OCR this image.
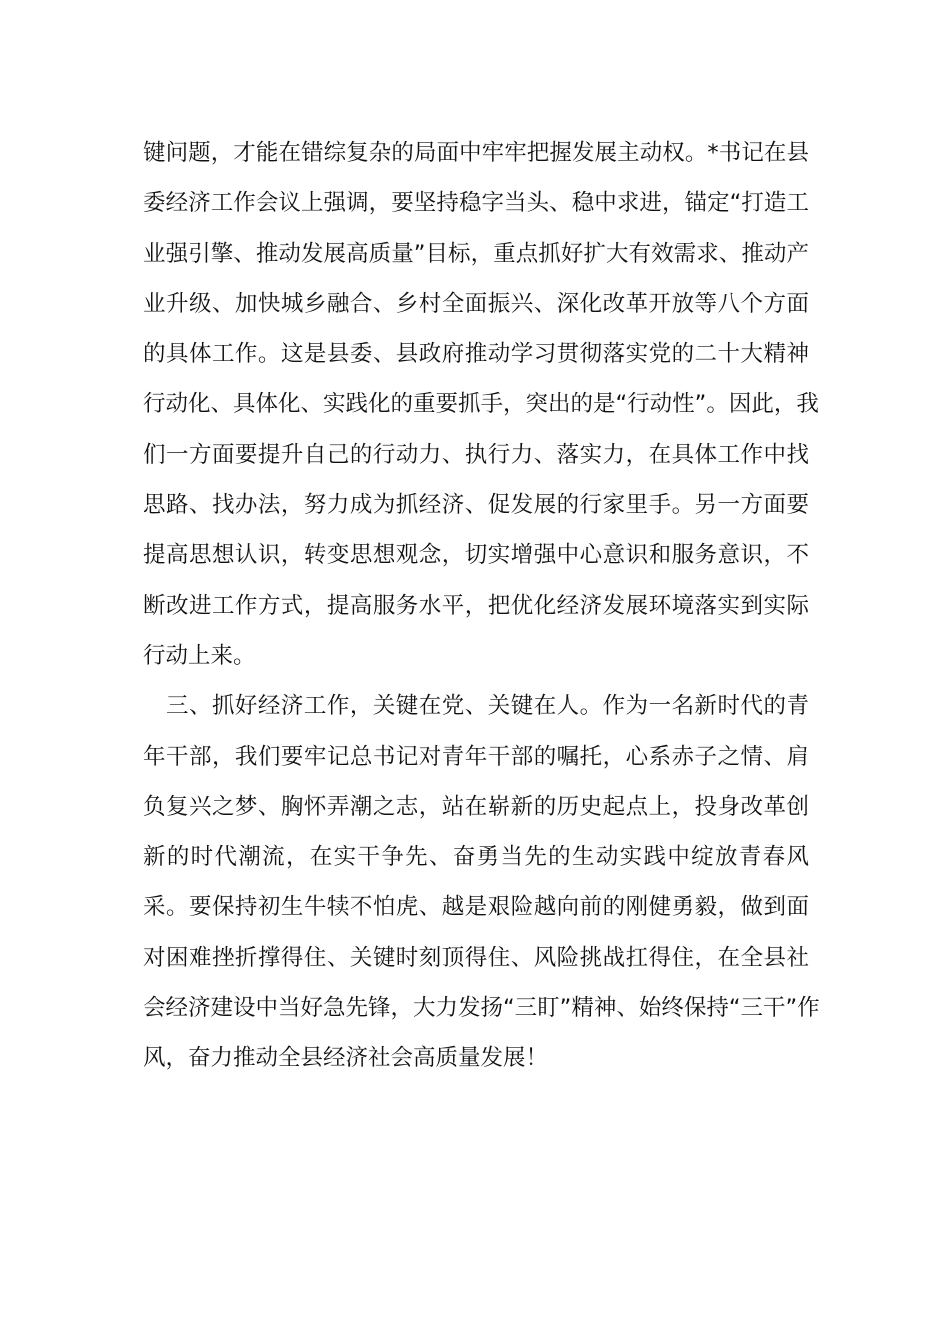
键问题，才能在错综复杂的局面中牢牢把握发展主动权。*书记在县
委经济工作会议上强调，要坚持稳字当头、稳中求进，锚定“打造工
业强引擎、推动发展高质量”目标，重点抓好扩大有效需求、推动产
业升级、加快城乡融合、乡村全面振兴、深化改革开放等八个方面
的具体工作。这是县委、县政府推动学习贯彻落实党的二十大精神
行动化、具体化、实践化的重要抓手，突出的是“行动性”。因此，我
们一方面要提升自己的行动力、执行力、落实力，在具体工作中找
思路、找办法，努力成为抓经济、促发展的行家里手。另一方面要
提高思想认识，转变思想观念，切实增强中心意识和服务意识，不
断改进工作方式，提高服务水平，把优化经济发展环境落实到实际
行动上来。
　三、抓好经济工作，关键在党、关键在人。作为一名新时代的青
年干部，我们要牢记总书记对青年干部的嘱托，心系赤子之情、肩
负复兴之梦、胸怀弄潮之志，站在崭新的历史起点上，投身改革创
新的时代潮流，在实干争先、奋勇当先的生动实践中绽放青春风
采。要保持初生牛犊不怕虎、越是艰险越向前的刚健勇毅，做到面
对困难挫折撑得住、关键时刻顶得住、风险挑战扛得住，在全县社
会经济建设中当好急先锋，大力发扬“三盯”精神、始终保持“三干”作
风，奋力推动全县经济社会高质量发展！
